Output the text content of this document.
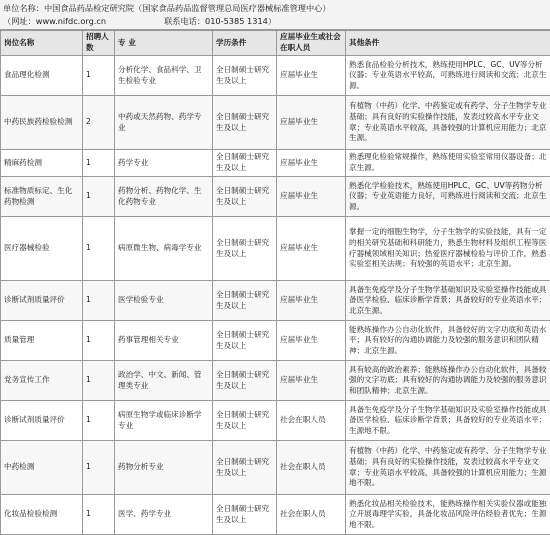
单位名称：中国食品药品检定研究院（国家食品药品监督管理总局医疗器械标准管理中心）
（网址：www.nifdc.org.cn	联系电话：010-5385 1314）
岗位名称	招聘人数	专 业	学历条件	应届毕业生或社会在职人员	其他条件
食品理化检测	1	分析化学、食品科学、卫生检验专业	全日制硕士研究生及以上	应届毕业生	熟悉食品检验分析技术，熟练使用HPLC、GC、UV等分析仪器；专业英语水平较高，可熟练进行阅读和交流；北京生源。
中药民族药检验检测	2	中药或天然药物、药学专业	全日制硕士研究生及以上	应届毕业生	有植物（中药）化学、中药鉴定或有药学、分子生物学专业基础；具有良好的实验操作技能，发表过较高水平专业文章；专业英语水平较高，具备较强的计算机应用能力；北京生源。
精麻药检测	1	药学专业	全日制硕士研究生及以上	应届毕业生	熟悉理化检验常规操作，熟练使用实验室常用仪器设备；北京生源。
标准物质标定、生化药物检测	1	药物分析、药物化学、生化药物专业	全日制硕士研究生及以上	应届毕业生	熟悉化学检验技术，熟练使用HPLC、GC、UV等药物分析仪器；专业英语能力良好，可熟练进行阅读和交流；北京生源。
医疗器械检验	1	病原微生物、病毒学专业	全日制硕士研究生及以上	应届毕业生	掌握一定的细胞生物学，分子生物学的实验技能，具有一定的相关研究基础和科研能力，熟悉生物材料及组织工程等医疗器械领域相关知识；热爱医疗器械检验与评价工作，熟悉实验室相关法规；有较强的英语水平；北京生源。
诊断试剂质量评价	1	医学检验专业	全日制硕士研究生及以上	应届毕业生	具备生免疫学及分子生物学基础知识及实验室操作技能或具备医学检验、临床诊断学背景；具备较好的专业英语水平；北京生源。
质量管理	1	药事管理相关专业	全日制硕士研究生及以上	应届毕业生	能熟练操作办公自动化软件，具备较好的文字功底和英语水平；具有较好的沟通协调能力及较强的服务意识和团队精神；北京生源。
党务宣传工作	1	政治学、中文、新闻、管理类专业	全日制硕士研究生及以上	应届毕业生	具有较高的政治素养；能熟练操作办公自动化软件，具备较强的文字功底；具有较好的沟通协调能力及较强的服务意识和团队精神；北京生源。
诊断试剂质量评价	1	病原生物学或临床诊断学专业	全日制硕士研究生及以上	社会在职人员	具备生免疫学及分子生物学基础知识及实验室操作技能或具备医学检验、临床诊断学背景；具备较好的专业英语水平；生源地不限。
中药检测	1	药物分析专业	全日制硕士研究生及以上	社会在职人员	有植物（中药）化学、中药鉴定或有药学、分子生物学专业基础；具有良好的实验操作技能，发表过较高水平专业文章；专业英语水平较高，具备较强的计算机应用能力；生源地不限。
化妆品检验检测	1	医学、药学专业	全日制硕士研究生及以上	社会在职人员	熟悉化妆品相关检验技术，能熟练操作相关实验仪器或能独立开展毒理学实验，具备化妆品风险评估经验者优先；生源地不限。
